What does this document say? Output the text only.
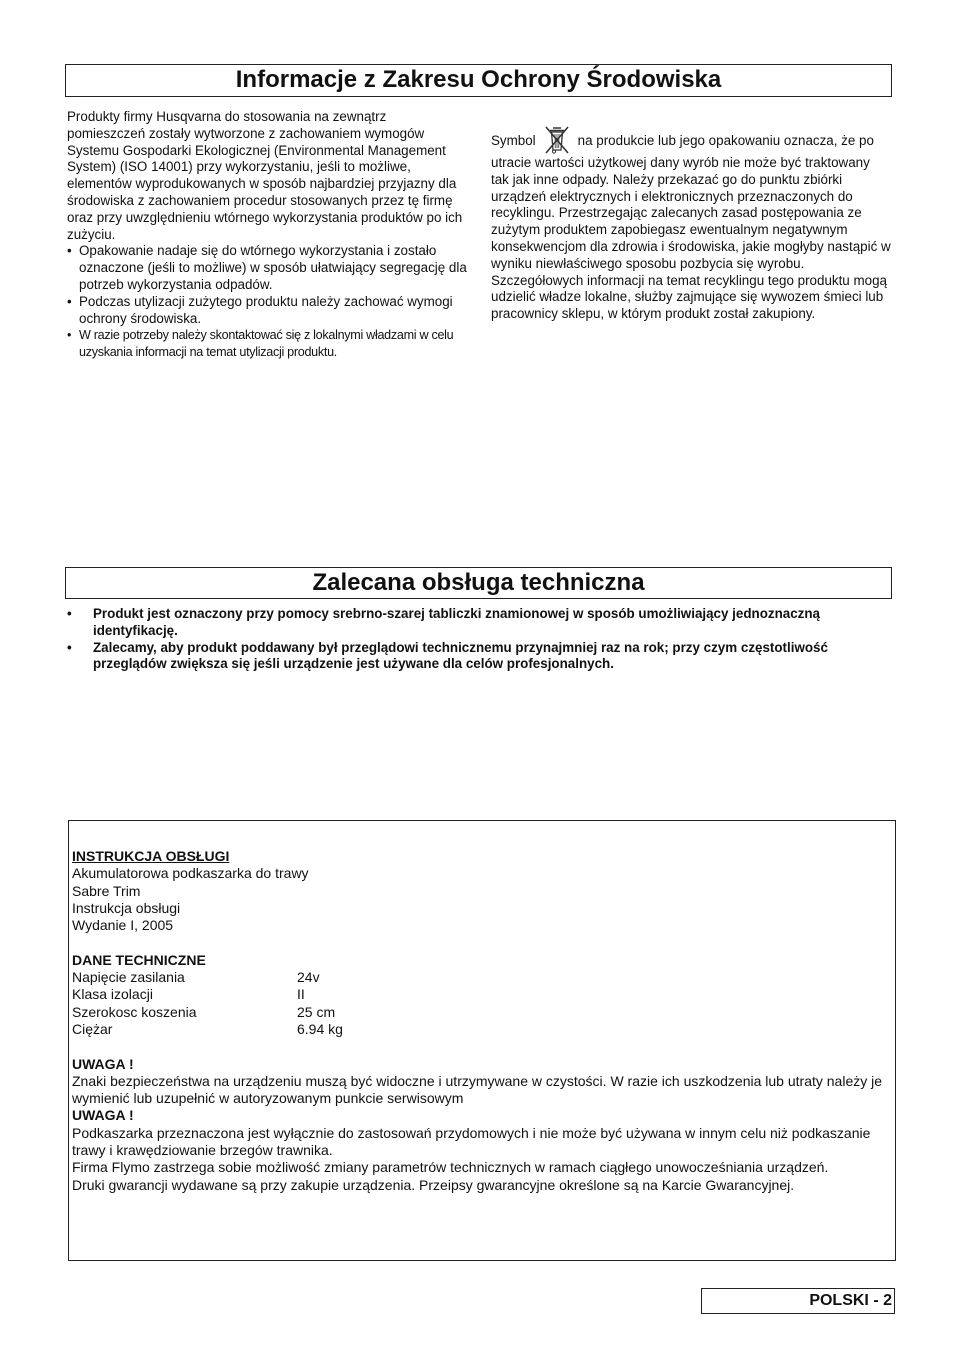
Informacje z Zakresu Ochrony Środowiska

Produkty firmy Husqvarna do stosowania na zewnątrz pomieszczeń zostały wytworzone z zachowaniem wymogów Systemu Gospodarki Ekologicznej (Environmental Management System) (ISO 14001) przy wykorzystaniu, jeśli to możliwe, elementów wyprodukowanych w sposób najbardziej przyjazny dla środowiska z zachowaniem procedur stosowanych przez tę firmę oraz przy uwzględnieniu wtórnego wykorzystania produktów po ich zużyciu.

• Opakowanie nadaje się do wtórnego wykorzystania i zostało oznaczone (jeśli to możliwe) w sposób ułatwiający segregację dla potrzeb wykorzystania odpadów.
• Podczas utylizacji zużytego produktu należy zachować wymogi ochrony środowiska.
• W razie potrzeby należy skontaktować się z lokalnymi władzami w celu uzyskania informacji na temat utylizacji produktu.

Symbol	na produkcie lub jego opakowaniu oznacza, że po utracie wartości użytkowej dany wyrób nie może być traktowany tak jak inne odpady. Należy przekazać go do punktu zbiórki urządzeń elektrycznych i elektronicznych przeznaczonych do recyklingu. Przestrzegając zalecanych zasad postępowania ze zużytym produktem zapobiegasz ewentualnym negatywnym konsekwencjom dla zdrowia i środowiska, jakie mogłyby nastąpić w wyniku niewłaściwego sposobu pozbycia się wyrobu. Szczegółowych informacji na temat recyklingu tego produktu mogą udzielić władze lokalne, służby zajmujące się wywozem śmieci lub pracownicy sklepu, w którym produkt został zakupiony.

Zalecana obsługa techniczna
• Produkt jest oznaczony przy pomocy srebrno-szarej tabliczki znamionowej w sposób umożliwiający jednoznaczną identyfikację.
• Zalecamy, aby produkt poddawany był przeglądowi technicznemu przynajmniej raz na rok; przy czym częstotliwość przeglądów zwiększa się jeśli urządzenie jest używane dla celów profesjonalnych.
INSTRUKCJA OBSŁUGI
Akumulatorowa podkaszarka do trawy
Sabre Trim
Instrukcja obsługi
Wydanie I, 2005
DANE TECHNICZNE
Napięcie zasilania	24v
Klasa izolacji	II
Szerokosc koszenia	25 cm
Ciężar	6.94 kg
UWAGA !
Znaki bezpieczeństwa na urządzeniu muszą być widoczne i utrzymywane w czystości. W razie ich uszkodzenia lub utraty należy je wymienić lub uzupełnić w autoryzowanym punkcie serwisowym
UWAGA !
Podkaszarka przeznaczona jest wyłącznie do zastosowań przydomowych i nie może być używana w innym celu niż podkaszanie trawy i krawędziowanie brzegów trawnika.
Firma Flymo zastrzega sobie możliwość zmiany parametrów technicznych w ramach ciągłego unowocześniania urządzeń.
Druki gwarancji wydawane są przy zakupie urządzenia. Przeipsy gwarancyjne określone są na Karcie Gwarancyjnej.
POLSKI - 2
